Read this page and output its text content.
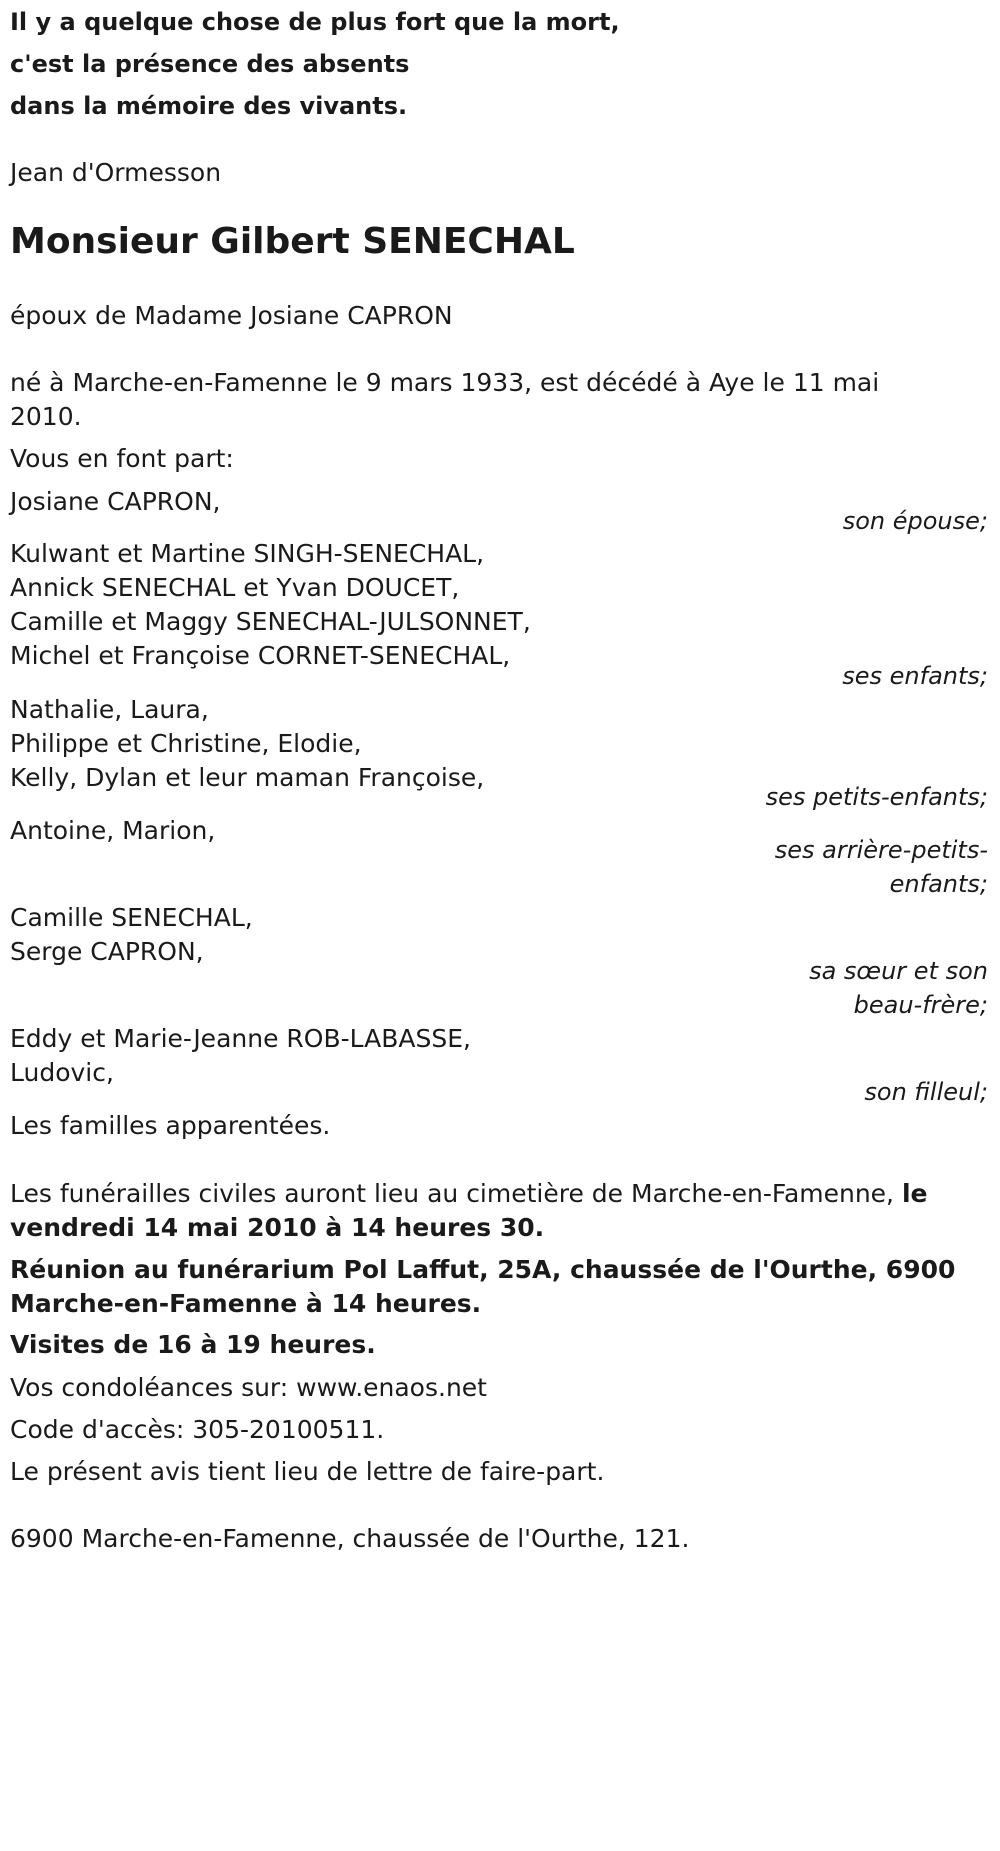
Il y a quelque chose de plus fort que la mort,

c'est la présence des absents

dans la mémoire des vivants.

Jean d'Ormesson

Monsieur Gilbert SENECHAL

époux de Madame Josiane CAPRON

né à Marche-en-Famenne le 9 mars 1933, est décédé à Aye le 11 mai

2010.

Vous en font part:

Josiane CAPRON,

son épouse;

Kulwant et Martine SINGH-SENECHAL,

Annick SENECHAL et Yvan DOUCET,

Camille et Maggy SENECHAL-JULSONNET,

Michel et Françoise CORNET-SENECHAL,

ses enfants;

Nathalie, Laura,

Philippe et Christine, Elodie,

Kelly, Dylan et leur maman Françoise,

ses petits-enfants;

Antoine, Marion,

ses arrière-petits-

enfants;

Camille SENECHAL,

Serge CAPRON,

sa sœur et son

beau-frère;

Eddy et Marie-Jeanne ROB-LABASSE,

Ludovic,

son filleul;

Les familles apparentées.

Les funérailles civiles auront lieu au cimetière de Marche-en-Famenne, le

vendredi 14 mai 2010 à 14 heures 30.

Réunion au funérarium Pol Laffut, 25A, chaussée de l'Ourthe, 6900

Marche-en-Famenne à 14 heures.

Visites de 16 à 19 heures.

Vos condoléances sur: www.enaos.net

Code d'accès: 305-20100511.

Le présent avis tient lieu de lettre de faire-part.

6900 Marche-en-Famenne, chaussée de l'Ourthe, 121.
